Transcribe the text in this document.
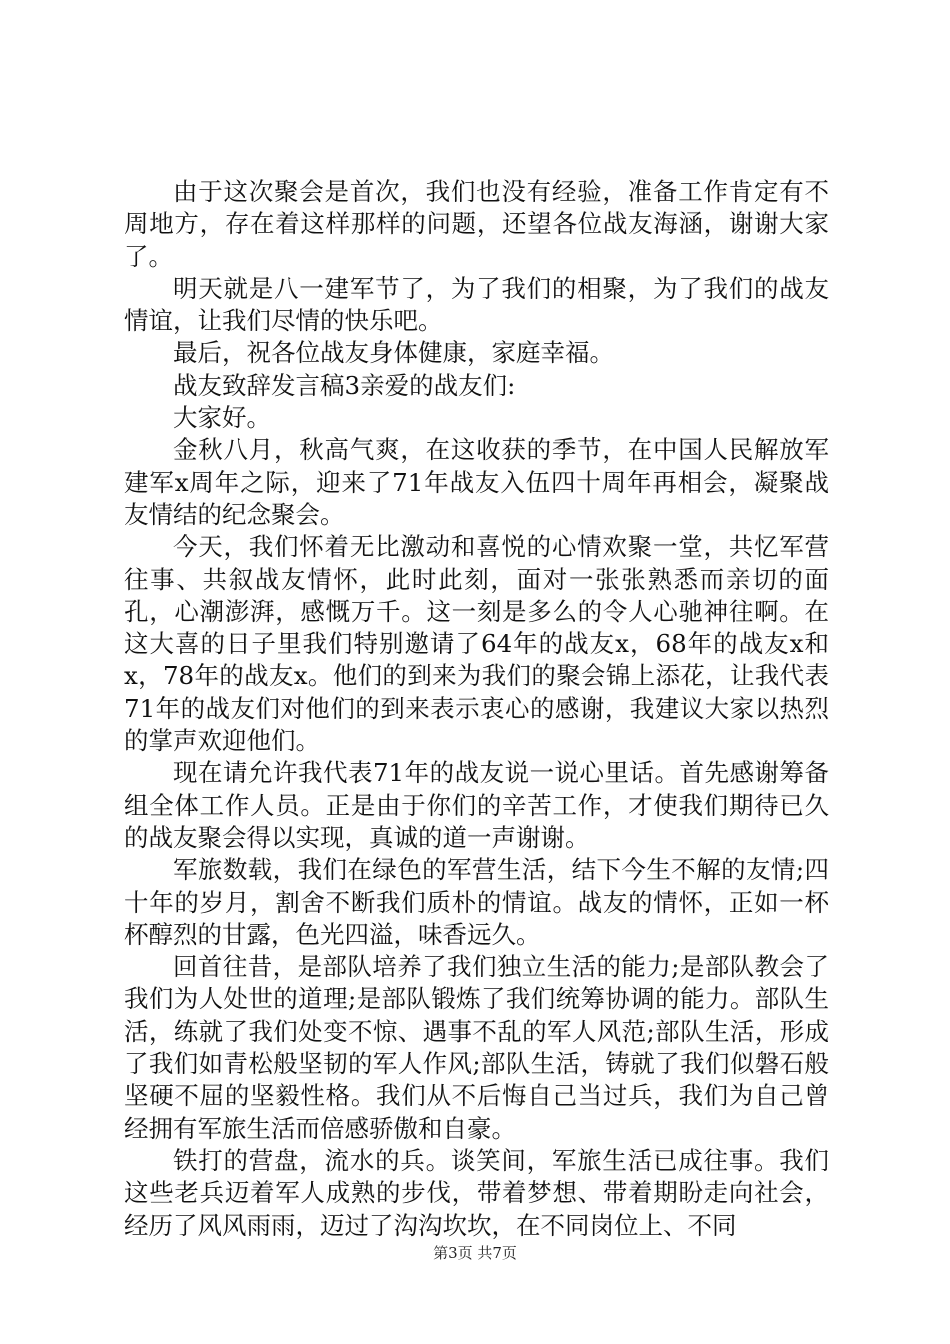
由于这次聚会是首次，我们也没有经验，准备工作肯定有不周地方，存在着这样那样的问题，还望各位战友海涵，谢谢大家了。

明天就是八一建军节了，为了我们的相聚，为了我们的战友情谊，让我们尽情的快乐吧。

最后，祝各位战友身体健康，家庭幸福。

战友致辞发言稿3亲爱的战友们:

大家好。

金秋八月，秋高气爽，在这收获的季节，在中国人民解放军建军x周年之际，迎来了71年战友入伍四十周年再相会，凝聚战友情结的纪念聚会。

今天，我们怀着无比激动和喜悦的心情欢聚一堂，共忆军营往事、共叙战友情怀，此时此刻，面对一张张熟悉而亲切的面孔，心潮澎湃，感慨万千。这一刻是多么的令人心驰神往啊。在这大喜的日子里我们特别邀请了64年的战友x，68年的战友x和x，78年的战友x。他们的到来为我们的聚会锦上添花，让我代表71年的战友们对他们的到来表示衷心的感谢，我建议大家以热烈的掌声欢迎他们。

现在请允许我代表71年的战友说一说心里话。首先感谢筹备组全体工作人员。正是由于你们的辛苦工作，才使我们期待已久的战友聚会得以实现，真诚的道一声谢谢。

军旅数载，我们在绿色的军营生活，结下今生不解的友情;四十年的岁月，割舍不断我们质朴的情谊。战友的情怀，正如一杯杯醇烈的甘露，色光四溢，味香远久。

回首往昔，是部队培养了我们独立生活的能力;是部队教会了我们为人处世的道理;是部队锻炼了我们统筹协调的能力。部队生活，练就了我们处变不惊、遇事不乱的军人风范;部队生活，形成了我们如青松般坚韧的军人作风;部队生活，铸就了我们似磐石般坚硬不屈的坚毅性格。我们从不后悔自己当过兵，我们为自己曾经拥有军旅生活而倍感骄傲和自豪。

铁打的营盘，流水的兵。谈笑间，军旅生活已成往事。我们这些老兵迈着军人成熟的步伐，带着梦想、带着期盼走向社会，经历了风风雨雨，迈过了沟沟坎坎，在不同岗位上、不同

第3页 共7页
